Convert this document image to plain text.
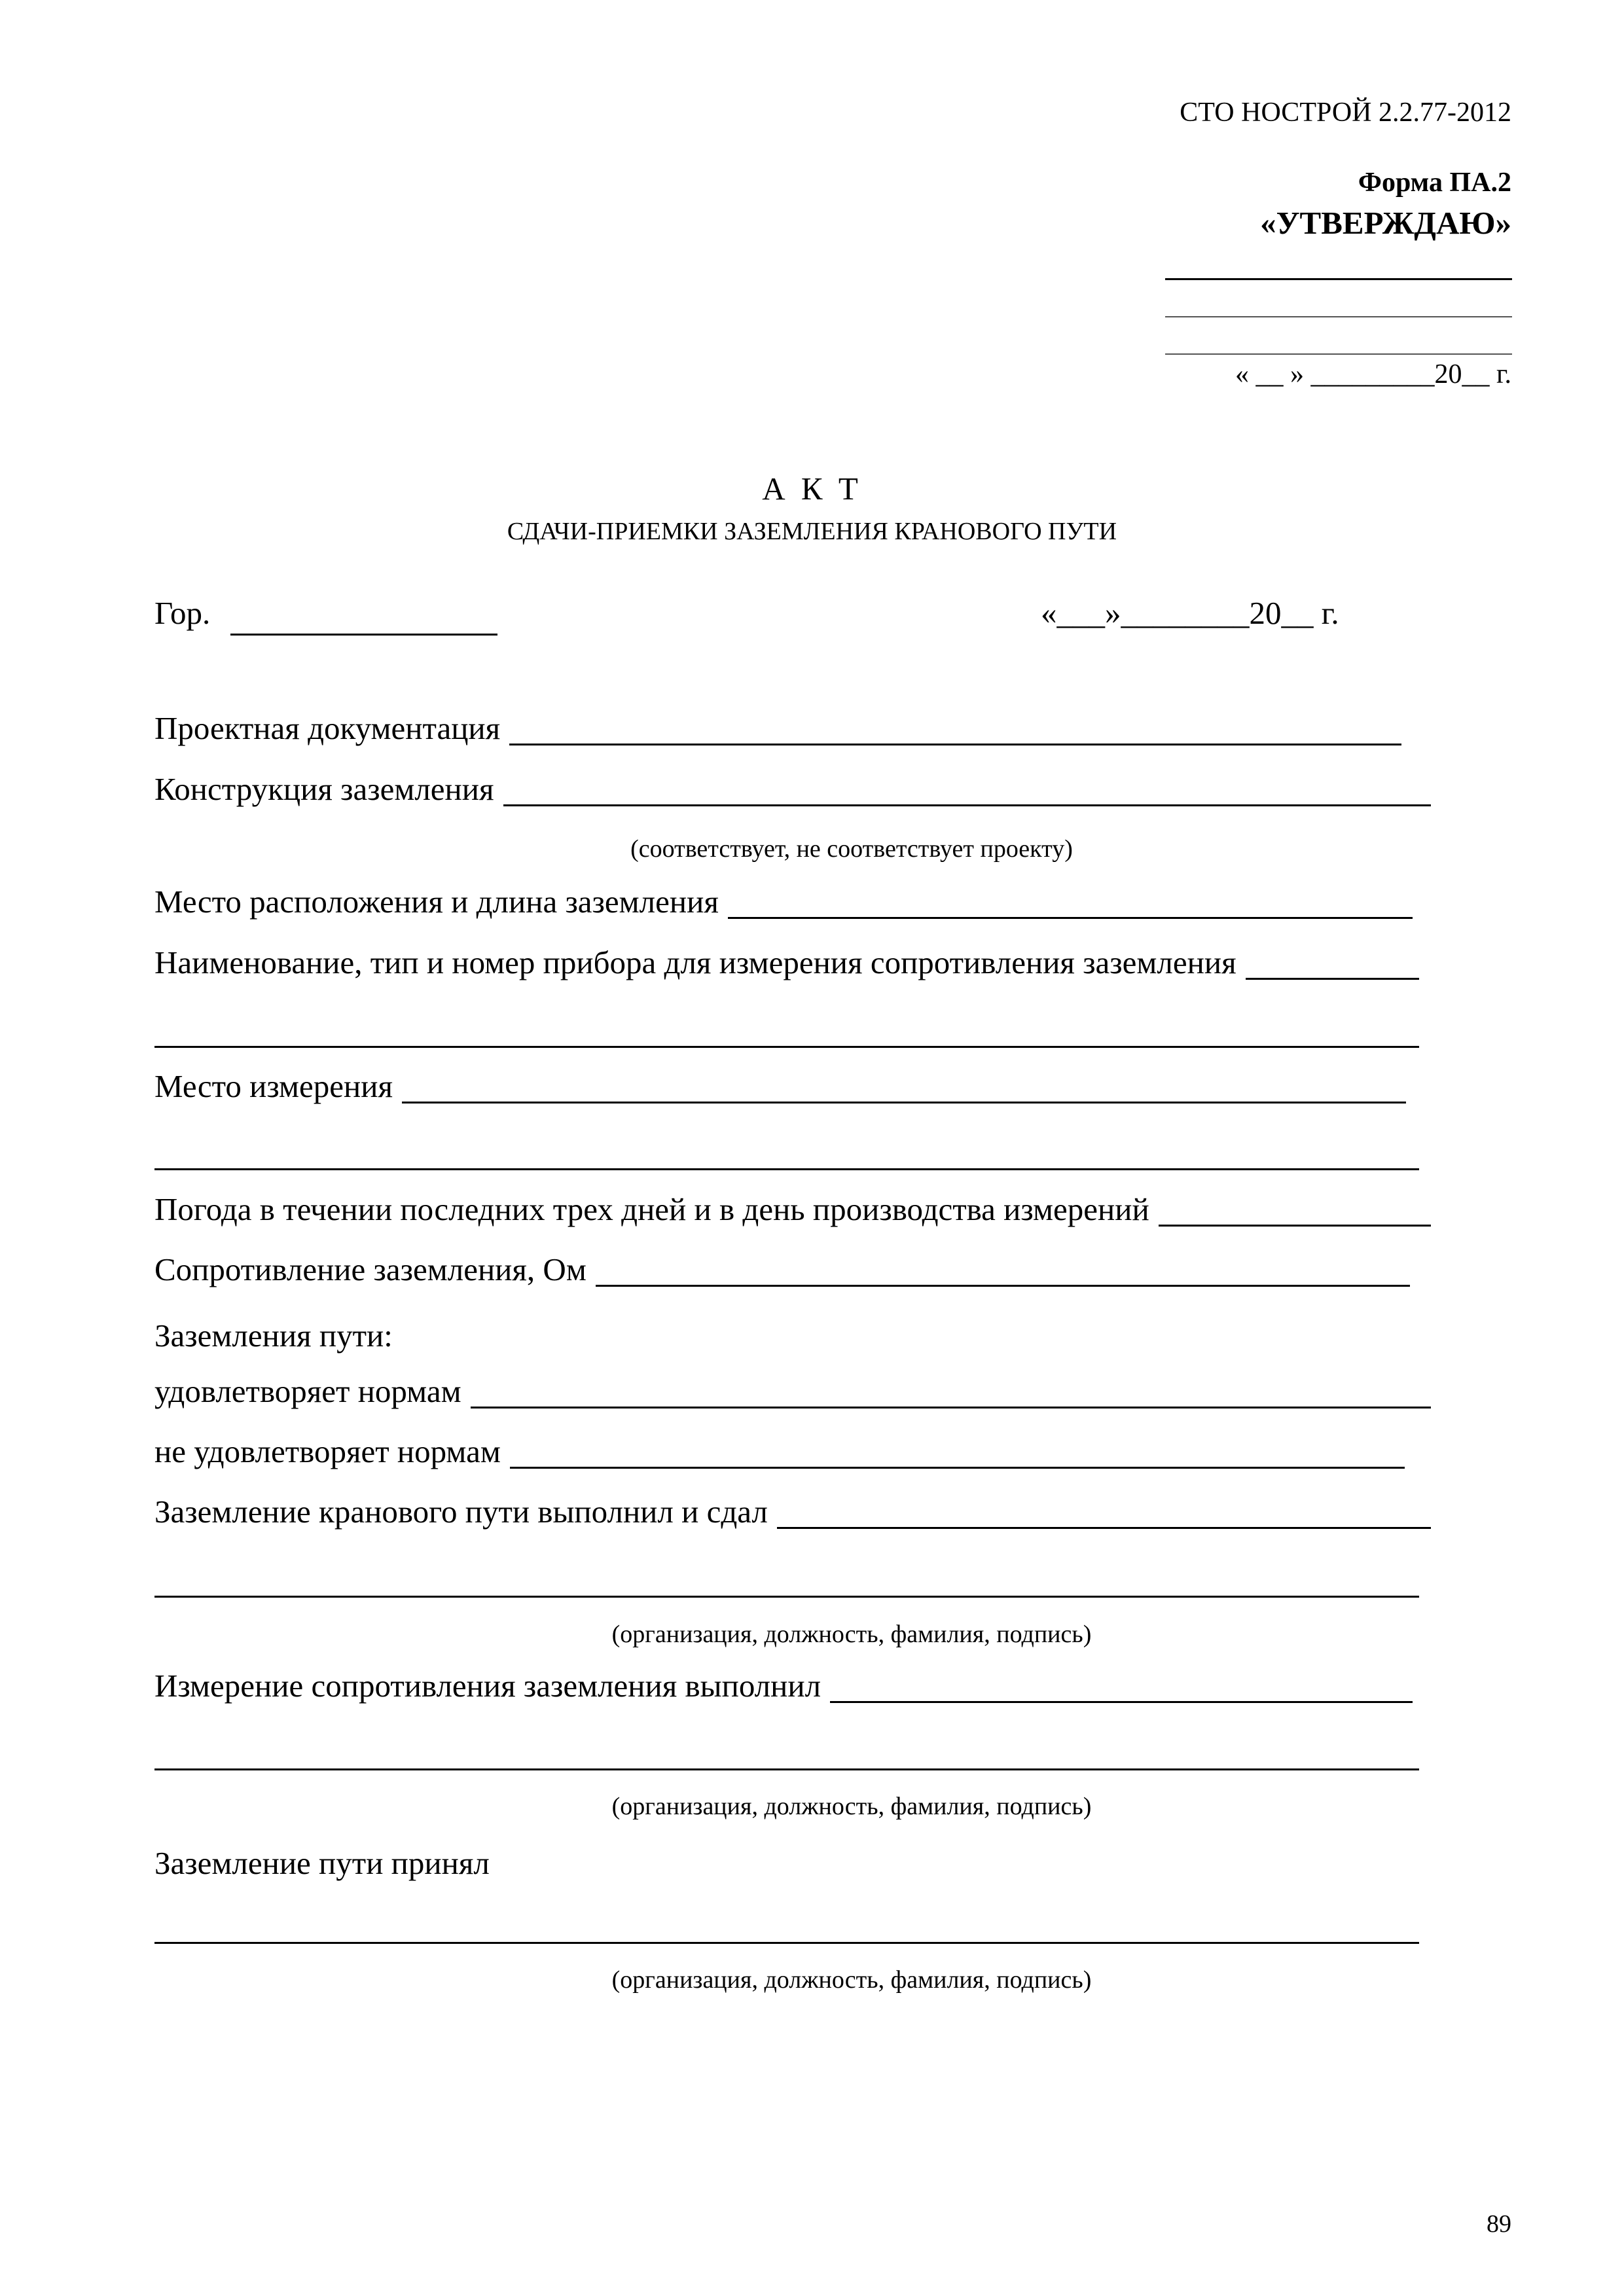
СТО НОСТРОЙ 2.2.77-2012
Форма ПА.2
«УТВЕРЖДАЮ»
« __ » _________20__ г.
А К Т
СДАЧИ-ПРИЕМКИ ЗАЗЕМЛЕНИЯ КРАНОВОГО ПУТИ
Гор.	«___»________20__ г.
Проектная документация
Конструкция заземления
(соответствует, не соответствует проекту)
Место расположения и длина заземления
Наименование, тип и номер прибора для измерения сопротивления заземления
Место измерения
Погода в течении последних трех дней и в день производства измерений
Сопротивление заземления, Ом
Заземления пути:
удовлетворяет нормам
не удовлетворяет нормам
Заземление кранового пути выполнил и сдал
(организация, должность, фамилия, подпись)
Измерение сопротивления заземления выполнил
(организация, должность, фамилия, подпись)
Заземление пути принял
(организация, должность, фамилия, подпись)
89
